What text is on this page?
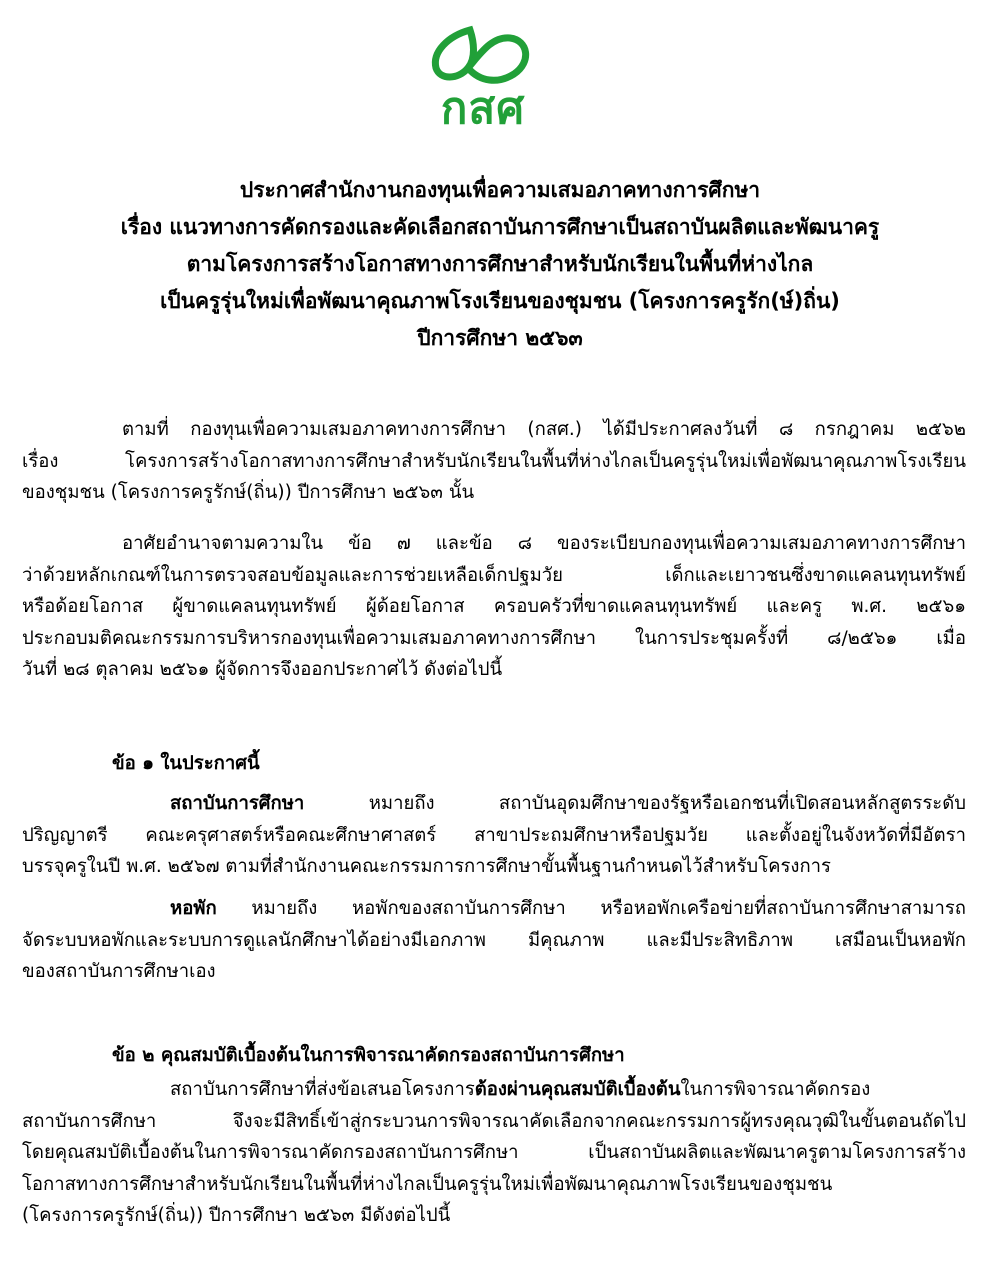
กสศ
ประกาศสำนักงานกองทุนเพื่อความเสมอภาคทางการศึกษา
เรื่อง แนวทางการคัดกรองและคัดเลือกสถาบันการศึกษาเป็นสถาบันผลิตและพัฒนาครู
ตามโครงการสร้างโอกาสทางการศึกษาสำหรับนักเรียนในพื้นที่ห่างไกล
เป็นครูรุ่นใหม่เพื่อพัฒนาคุณภาพโรงเรียนของชุมชน (โครงการครูรัก(ษ์)ถิ่น)
ปีการศึกษา ๒๕๖๓
ตามที่ กองทุนเพื่อความเสมอภาคทางการศึกษา (กสศ.) ได้มีประกาศลงวันที่ ๘ กรกฎาคม ๒๕๖๒
เรื่อง โครงการสร้างโอกาสทางการศึกษาสำหรับนักเรียนในพื้นที่ห่างไกลเป็นครูรุ่นใหม่เพื่อพัฒนาคุณภาพโรงเรียน
ของชุมชน (โครงการครูรักษ์(ถิ่น)) ปีการศึกษา ๒๕๖๓ นั้น
อาศัยอำนาจตามความใน ข้อ ๗ และข้อ ๘ ของระเบียบกองทุนเพื่อความเสมอภาคทางการศึกษา
ว่าด้วยหลักเกณฑ์ในการตรวจสอบข้อมูลและการช่วยเหลือเด็กปฐมวัย เด็กและเยาวชนซึ่งขาดแคลนทุนทรัพย์
หรือด้อยโอกาส ผู้ขาดแคลนทุนทรัพย์ ผู้ด้อยโอกาส ครอบครัวที่ขาดแคลนทุนทรัพย์ และครู พ.ศ. ๒๕๖๑
ประกอบมติคณะกรรมการบริหารกองทุนเพื่อความเสมอภาคทางการศึกษา ในการประชุมครั้งที่ ๘/๒๕๖๑ เมื่อ
วันที่ ๒๘ ตุลาคม ๒๕๖๑ ผู้จัดการจึงออกประกาศไว้ ดังต่อไปนี้
ข้อ ๑ ในประกาศนี้
สถาบันการศึกษา หมายถึง สถาบันอุดมศึกษาของรัฐหรือเอกชนที่เปิดสอนหลักสูตรระดับ
ปริญญาตรี คณะครุศาสตร์หรือคณะศึกษาศาสตร์ สาขาประถมศึกษาหรือปฐมวัย และตั้งอยู่ในจังหวัดที่มีอัตรา
บรรจุครูในปี พ.ศ. ๒๕๖๗ ตามที่สำนักงานคณะกรรมการการศึกษาขั้นพื้นฐานกำหนดไว้สำหรับโครงการ
หอพัก หมายถึง หอพักของสถาบันการศึกษา หรือหอพักเครือข่ายที่สถาบันการศึกษาสามารถ
จัดระบบหอพักและระบบการดูแลนักศึกษาได้อย่างมีเอกภาพ มีคุณภาพ และมีประสิทธิภาพ เสมือนเป็นหอพัก
ของสถาบันการศึกษาเอง
ข้อ ๒ คุณสมบัติเบื้องต้นในการพิจารณาคัดกรองสถาบันการศึกษา
สถาบันการศึกษาที่ส่งข้อเสนอโครงการต้องผ่านคุณสมบัติเบื้องต้นในการพิจารณาคัดกรอง
สถาบันการศึกษา จึงจะมีสิทธิ์เข้าสู่กระบวนการพิจารณาคัดเลือกจากคณะกรรมการผู้ทรงคุณวุฒิในขั้นตอนถัดไป
โดยคุณสมบัติเบื้องต้นในการพิจารณาคัดกรองสถาบันการศึกษา เป็นสถาบันผลิตและพัฒนาครูตามโครงการสร้าง
โอกาสทางการศึกษาสำหรับนักเรียนในพื้นที่ห่างไกลเป็นครูรุ่นใหม่เพื่อพัฒนาคุณภาพโรงเรียนของชุมชน
(โครงการครูรักษ์(ถิ่น)) ปีการศึกษา ๒๕๖๓ มีดังต่อไปนี้
